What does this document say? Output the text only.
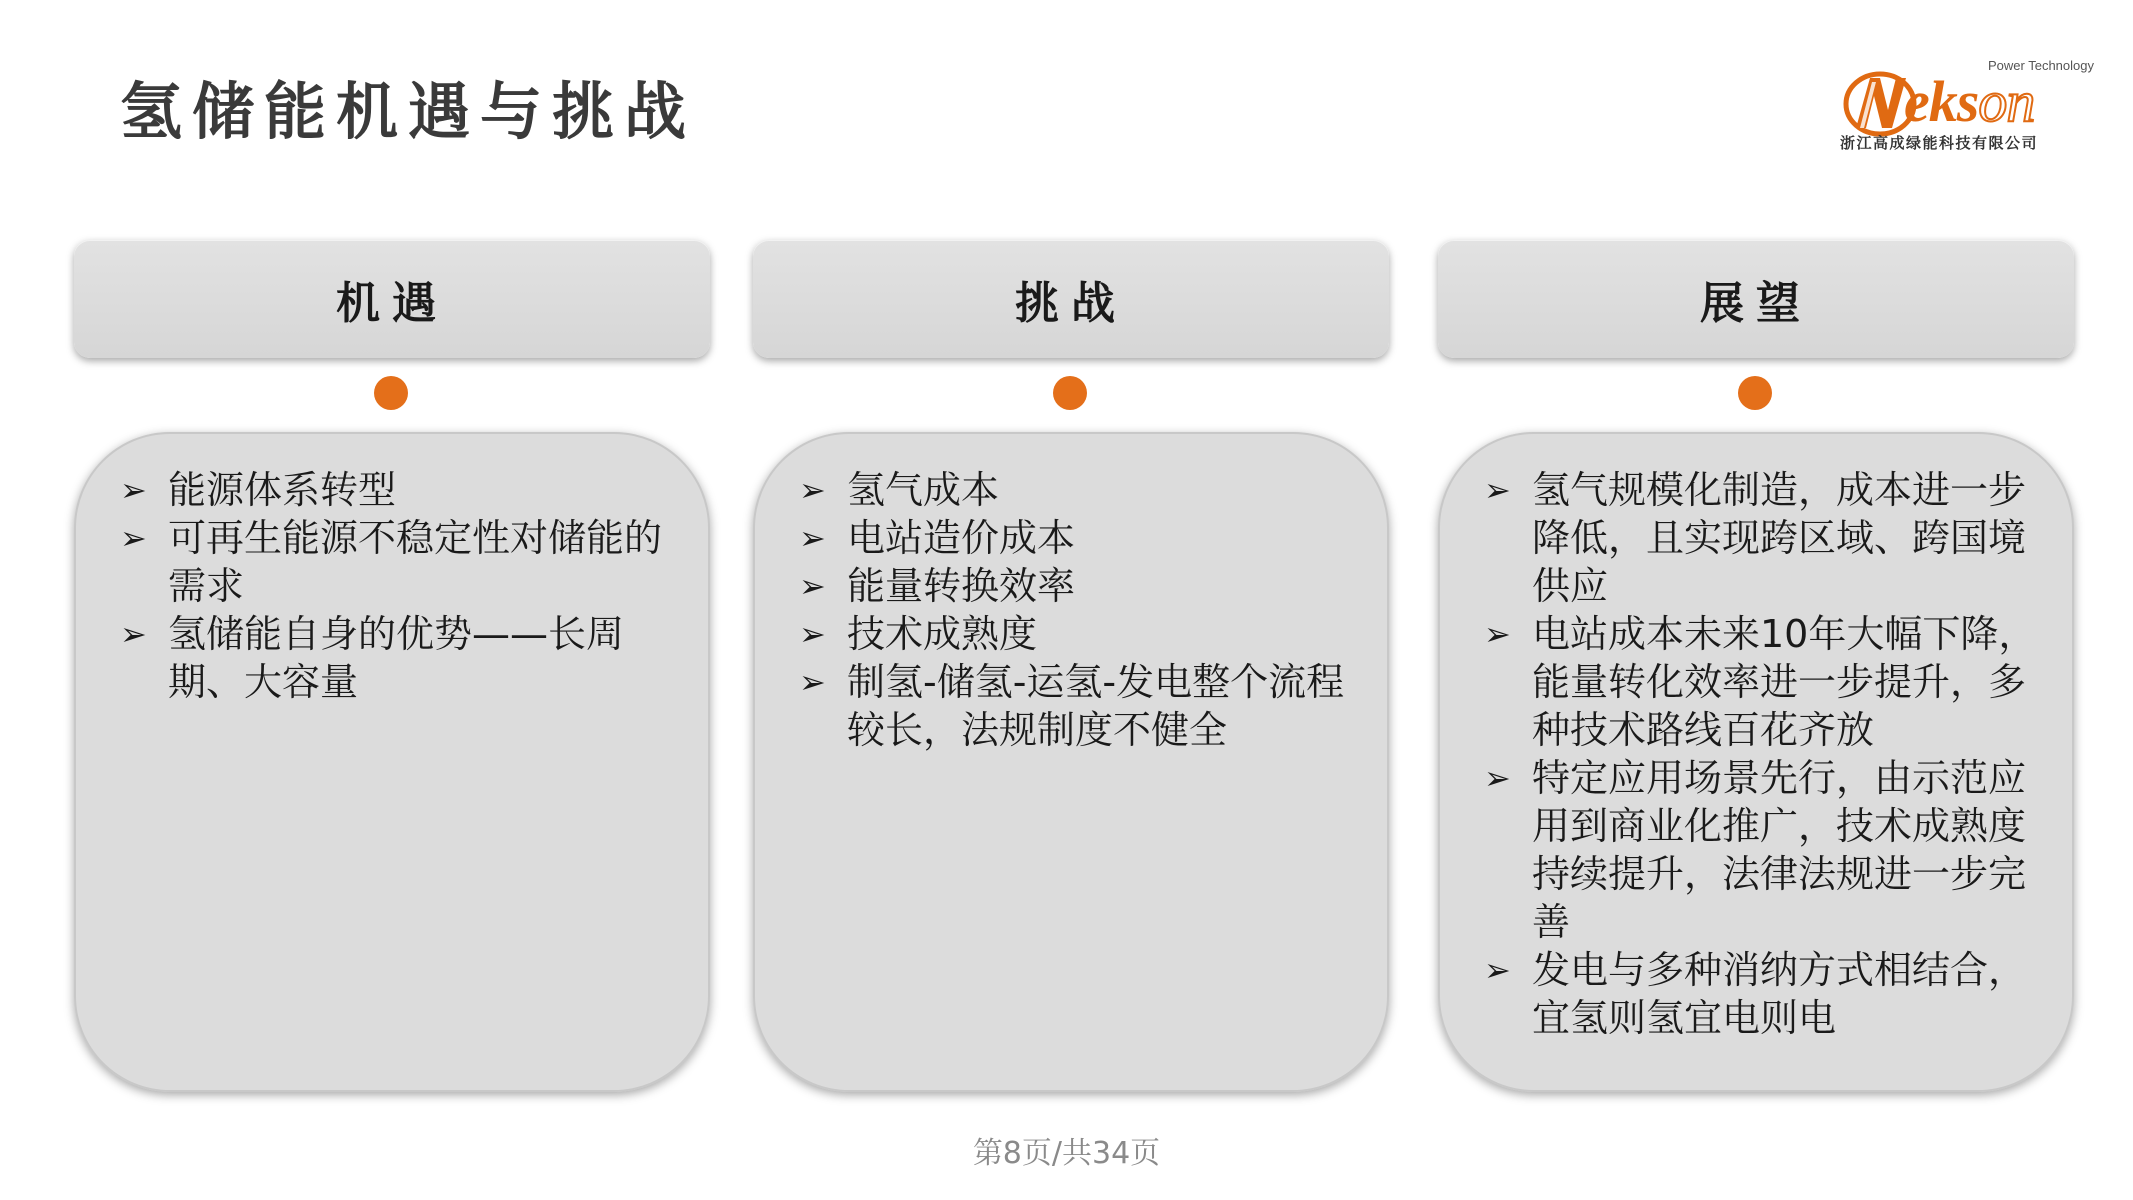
氢储能机遇与挑战
Power Technology
ekson
浙江高成绿能科技有限公司
机遇
➢ 能源体系转型
➢ 可再生能源不稳定性对储能的需求
➢ 氢储能自身的优势——长周期、大容量
挑战
➢ 氢气成本
➢ 电站造价成本
➢ 能量转换效率
➢ 技术成熟度
➢ 制氢-储氢-运氢-发电整个流程较长，法规制度不健全
展望
➢ 氢气规模化制造，成本进一步降低，且实现跨区域、跨国境供应
➢ 电站成本未来10年大幅下降，能量转化效率进一步提升，多种技术路线百花齐放
➢ 特定应用场景先行，由示范应用到商业化推广，技术成熟度持续提升，法律法规进一步完善
➢ 发电与多种消纳方式相结合，宜氢则氢宜电则电
第8页/共34页
